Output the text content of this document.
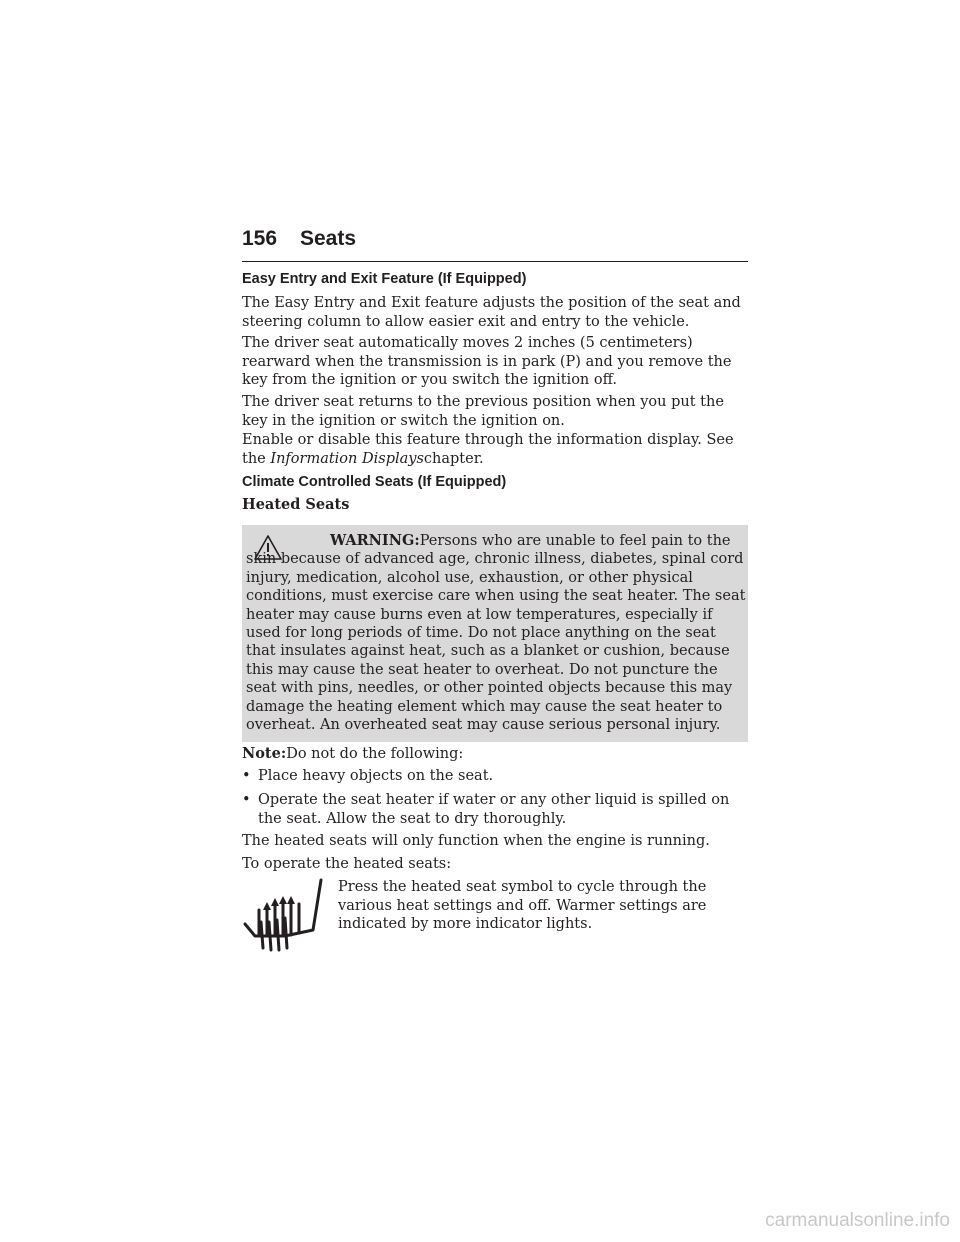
156 Seats
Easy Entry and Exit Feature (If Equipped)

The Easy Entry and Exit feature adjusts the position of the seat and steering column to allow easier exit and entry to the vehicle.

The driver seat automatically moves 2 inches (5 centimeters) rearward when the transmission is in park (P) and you remove the key from the ignition or you switch the ignition off.

The driver seat returns to the previous position when you put the key in the ignition or switch the ignition on.

Enable or disable this feature through the information display. See the Information Displayschapter.

Climate Controlled Seats (If Equipped)

Heated Seats

WARNING:Persons who are unable to feel pain to the skin because of advanced age, chronic illness, diabetes, spinal cord injury, medication, alcohol use, exhaustion, or other physical conditions, must exercise care when using the seat heater. The seat heater may cause burns even at low temperatures, especially if used for long periods of time. Do not place anything on the seat that insulates against heat, such as a blanket or cushion, because this may cause the seat heater to overheat. Do not puncture the seat with pins, needles, or other pointed objects because this may damage the heating element which may cause the seat heater to overheat. An overheated seat may cause serious personal injury.

Note:Do not do the following:

• Place heavy objects on the seat.
• Operate the seat heater if water or any other liquid is spilled on the seat. Allow the seat to dry thoroughly.

The heated seats will only function when the engine is running.

To operate the heated seats:

Press the heated seat symbol to cycle through the various heat settings and off. Warmer settings are indicated by more indicator lights.

carmanualsonline.info
